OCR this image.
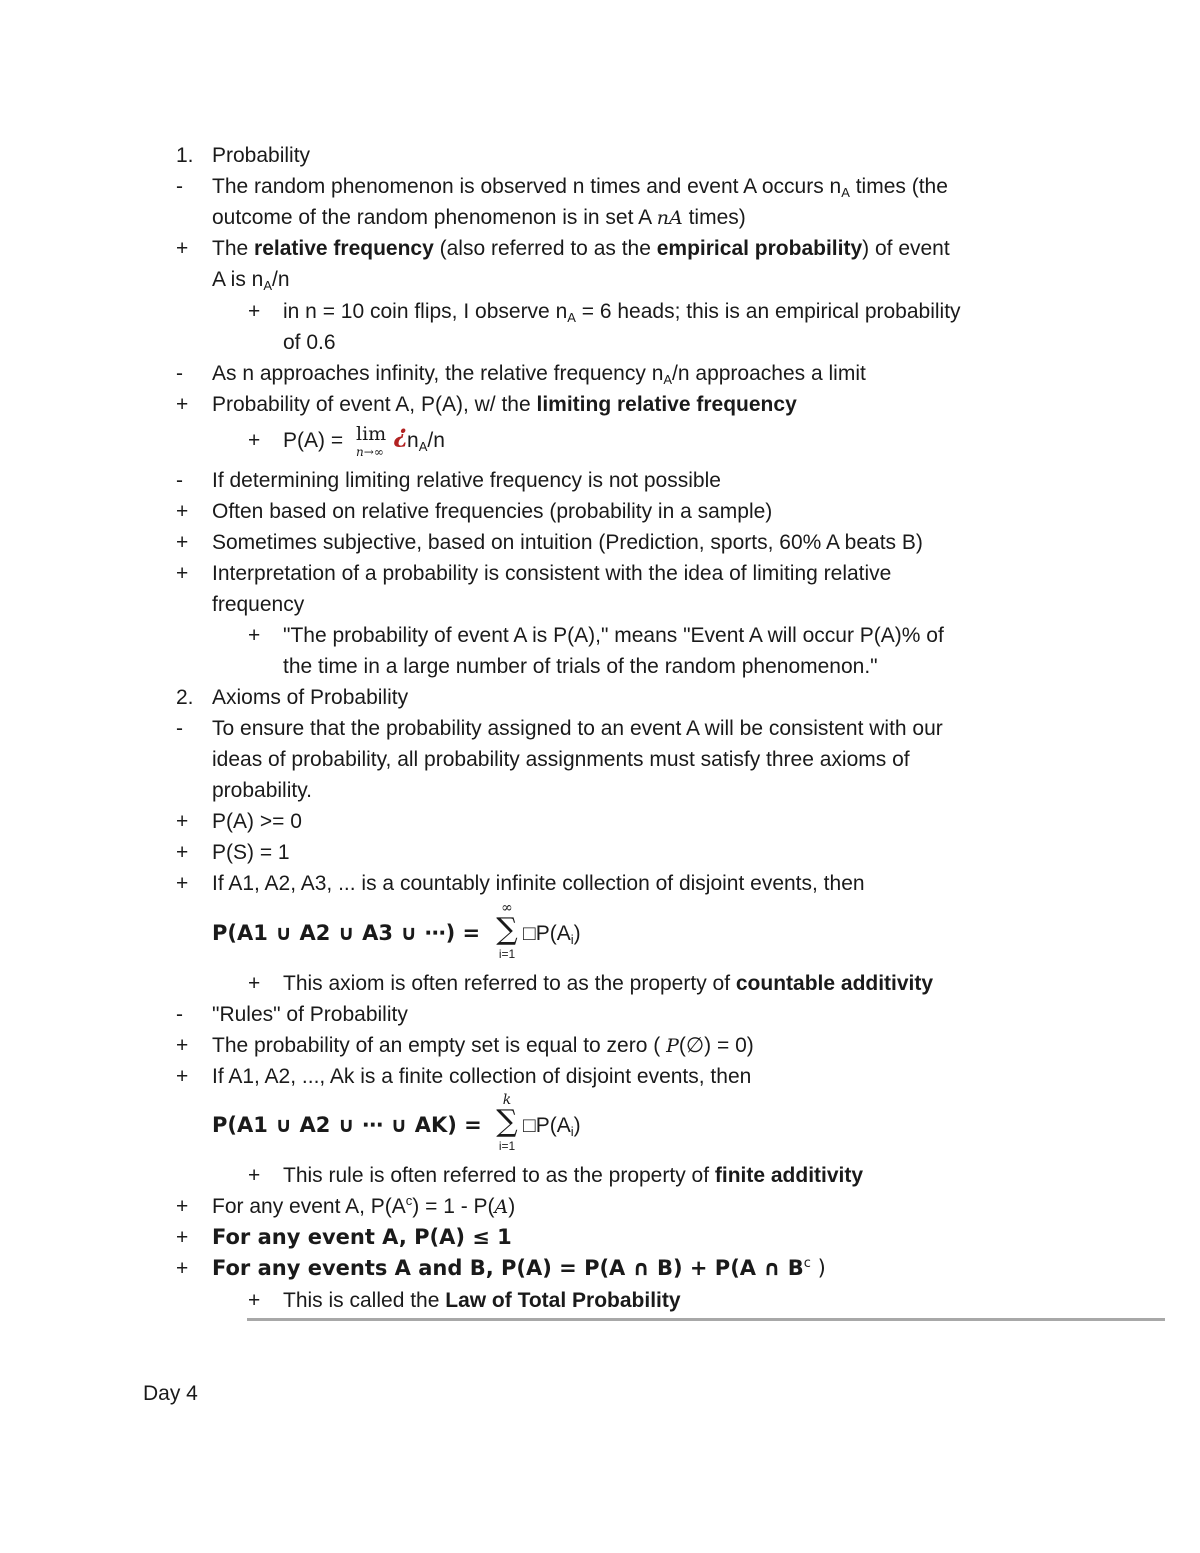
1. Probability
- The random phenomenon is observed n times and event A occurs nA times (the
outcome of the random phenomenon is in set A nA times)
+ The relative frequency (also referred to as the empirical probability) of event
A is nA/n
+ in n = 10 coin flips, I observe nA = 6 heads; this is an empirical probability
of 0.6
- As n approaches infinity, the relative frequency nA/n approaches a limit
+ Probability of event A, P(A), w/ the limiting relative frequency
+ P(A) = lim
n→∞
¿
nA/n
- If determining limiting relative frequency is not possible
+ Often based on relative frequencies (probability in a sample)
+ Sometimes subjective, based on intuition (Prediction, sports, 60% A beats B)
+ Interpretation of a probability is consistent with the idea of limiting relative
frequency
+ "The probability of event A is P(A)," means "Event A will occur P(A)% of
the time in a large number of trials of the random phenomenon."
2. Axioms of Probability
- To ensure that the probability assigned to an event A will be consistent with our
ideas of probability, all probability assignments must satisfy three axioms of
probability.
+ P(A) >= 0
+ P(S) = 1
+ If A1, A2, A3, ... is a countably infinite collection of disjoint events, then
P(A1 ∪ A2 ∪ A3 ∪ ⋯) =
∞
∑
i=1
□P(Ai)
+ This axiom is often referred to as the property of countable additivity
- "Rules" of Probability
+ The probability of an empty set is equal to zero ( P(∅) = 0)
+ If A1, A2, ..., Ak is a finite collection of disjoint events, then
P(A1 ∪ A2 ∪ ⋯ ∪ AK) =
k
∑
i=1
□P(Ai)
+ This rule is often referred to as the property of finite additivity
+ For any event A, $P(A^c) = 1 - P(A)$
+ For any event A, P(A) ≤ 1
+ For any events A and B, P(A) = P(A ∩ B) + P(A ∩ $B^c$ )
+ This is called the Law of Total Probability
Day 4
